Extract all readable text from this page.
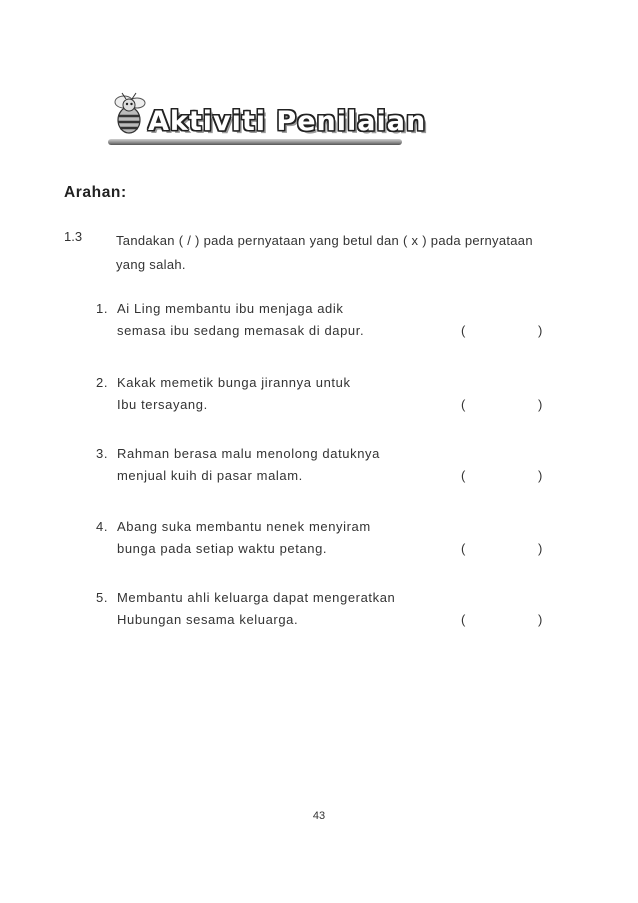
Aktiviti Penilaian
Arahan:
1.3	Tandakan ( / ) pada pernyataan yang betul dan ( x ) pada pernyataan yang salah.
1. Ai Ling membantu ibu menjaga adik
semasa ibu sedang memasak di dapur.	(	)
2. Kakak memetik bunga jirannya untuk
Ibu tersayang.	(	)
3. Rahman berasa malu menolong datuknya
menjual kuih di pasar malam.	(	)
4. Abang suka membantu nenek menyiram
bunga pada setiap waktu petang.	(	)
5. Membantu ahli keluarga dapat mengeratkan
Hubungan sesama keluarga.	(	)
43
